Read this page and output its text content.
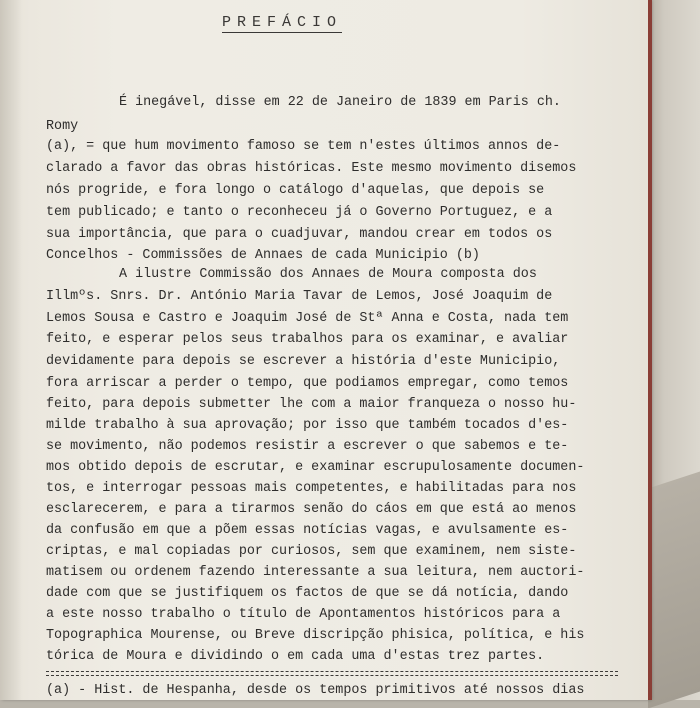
PREFÁCIO
É inegável, disse em 22 de Janeiro de 1839 em Paris ch.
Romy
(a), = que hum movimento famoso se tem n'estes últimos annos de-
clarado a favor das obras históricas. Este mesmo movimento disemos
nós progride, e fora longo o catálogo d'aquelas, que depois se
tem publicado; e tanto o reconheceu já o Governo Portuguez, e a
sua importância, que para o cuadjuvar, mandou crear em todos os
Concelhos - Commissões de Annaes de cada Municipio (b)
A ilustre Commissão dos Annaes de Moura composta dos
Illmºs. Snrs. Dr. António Maria Tavar de Lemos, José Joaquim de
Lemos Sousa e Castro e Joaquim José de Stª Anna e Costa, nada tem
feito, e esperar pelos seus trabalhos para os examinar, e avaliar
devidamente para depois se escrever a história d'este Municipio,
fora arriscar a perder o tempo, que podiamos empregar, como temos
feito, para depois submetter lhe com a maior franqueza o nosso hu-
milde trabalho à sua aprovação; por isso que também tocados d'es-
se movimento, não podemos resistir a escrever o que sabemos e te-
mos obtido depois de escrutar, e examinar escrupulosamente documen-
tos, e interrogar pessoas mais competentes, e habilitadas para nos
esclarecerem, e para a tirarmos senão do cáos em que está ao menos
da confusão em que a põem essas notícias vagas, e avulsamente es-
criptas, e mal copiadas por curiosos, sem que examinem, nem siste-
matisem ou ordenem fazendo interessante a sua leitura, nem auctori-
dade com que se justifiquem os factos de que se dá notícia, dando
a este nosso trabalho o título de Apontamentos históricos para a
Topographica Mourense, ou Breve discripção phisica, política, e his
tórica de Moura e dividindo o em cada uma d'estas trez partes.
(a) - Hist. de Hespanha, desde os tempos primitivos até nossos dias
